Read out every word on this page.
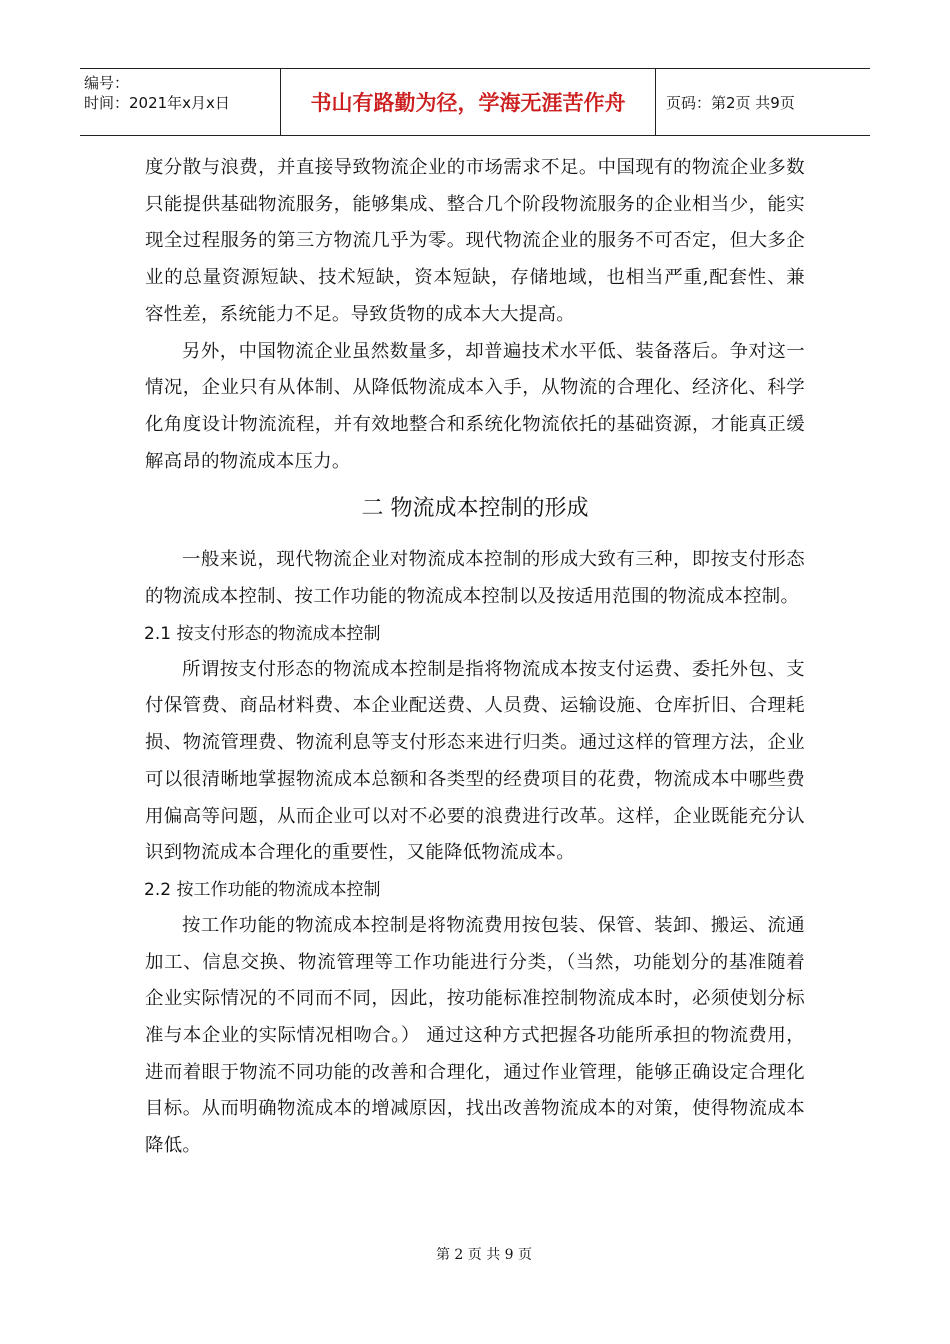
编号：
时间：2021年x月x日	书山有路勤为径，学海无涯苦作舟	页码：第2页 共9页

度分散与浪费，并直接导致物流企业的市场需求不足。中国现有的物流企业多数只能提供基础物流服务，能够集成、整合几个阶段物流服务的企业相当少，能实现全过程服务的第三方物流几乎为零。现代物流企业的服务不可否定，但大多企业的总量资源短缺、技术短缺，资本短缺，存储地域，也相当严重,配套性、兼容性差，系统能力不足。导致货物的成本大大提高。

另外，中国物流企业虽然数量多，却普遍技术水平低、装备落后。争对这一情况，企业只有从体制、从降低物流成本入手，从物流的合理化、经济化、科学化角度设计物流流程，并有效地整合和系统化物流依托的基础资源，才能真正缓解高昂的物流成本压力。

二 物流成本控制的形成

一般来说，现代物流企业对物流成本控制的形成大致有三种，即按支付形态的物流成本控制、按工作功能的物流成本控制以及按适用范围的物流成本控制。

2.1 按支付形态的物流成本控制

所谓按支付形态的物流成本控制是指将物流成本按支付运费、委托外包、支付保管费、商品材料费、本企业配送费、人员费、运输设施、仓库折旧、合理耗损、物流管理费、物流利息等支付形态来进行归类。通过这样的管理方法，企业可以很清晰地掌握物流成本总额和各类型的经费项目的花费，物流成本中哪些费用偏高等问题，从而企业可以对不必要的浪费进行改革。这样，企业既能充分认识到物流成本合理化的重要性，又能降低物流成本。

2.2 按工作功能的物流成本控制

按工作功能的物流成本控制是将物流费用按包装、保管、装卸、搬运、流通加工、信息交换、物流管理等工作功能进行分类，（当然，功能划分的基准随着企业实际情况的不同而不同，因此，按功能标准控制物流成本时，必须使划分标准与本企业的实际情况相吻合。） 通过这种方式把握各功能所承担的物流费用，进而着眼于物流不同功能的改善和合理化，通过作业管理，能够正确设定合理化目标。从而明确物流成本的增减原因，找出改善物流成本的对策，使得物流成本降低。

第 2 页 共 9 页
